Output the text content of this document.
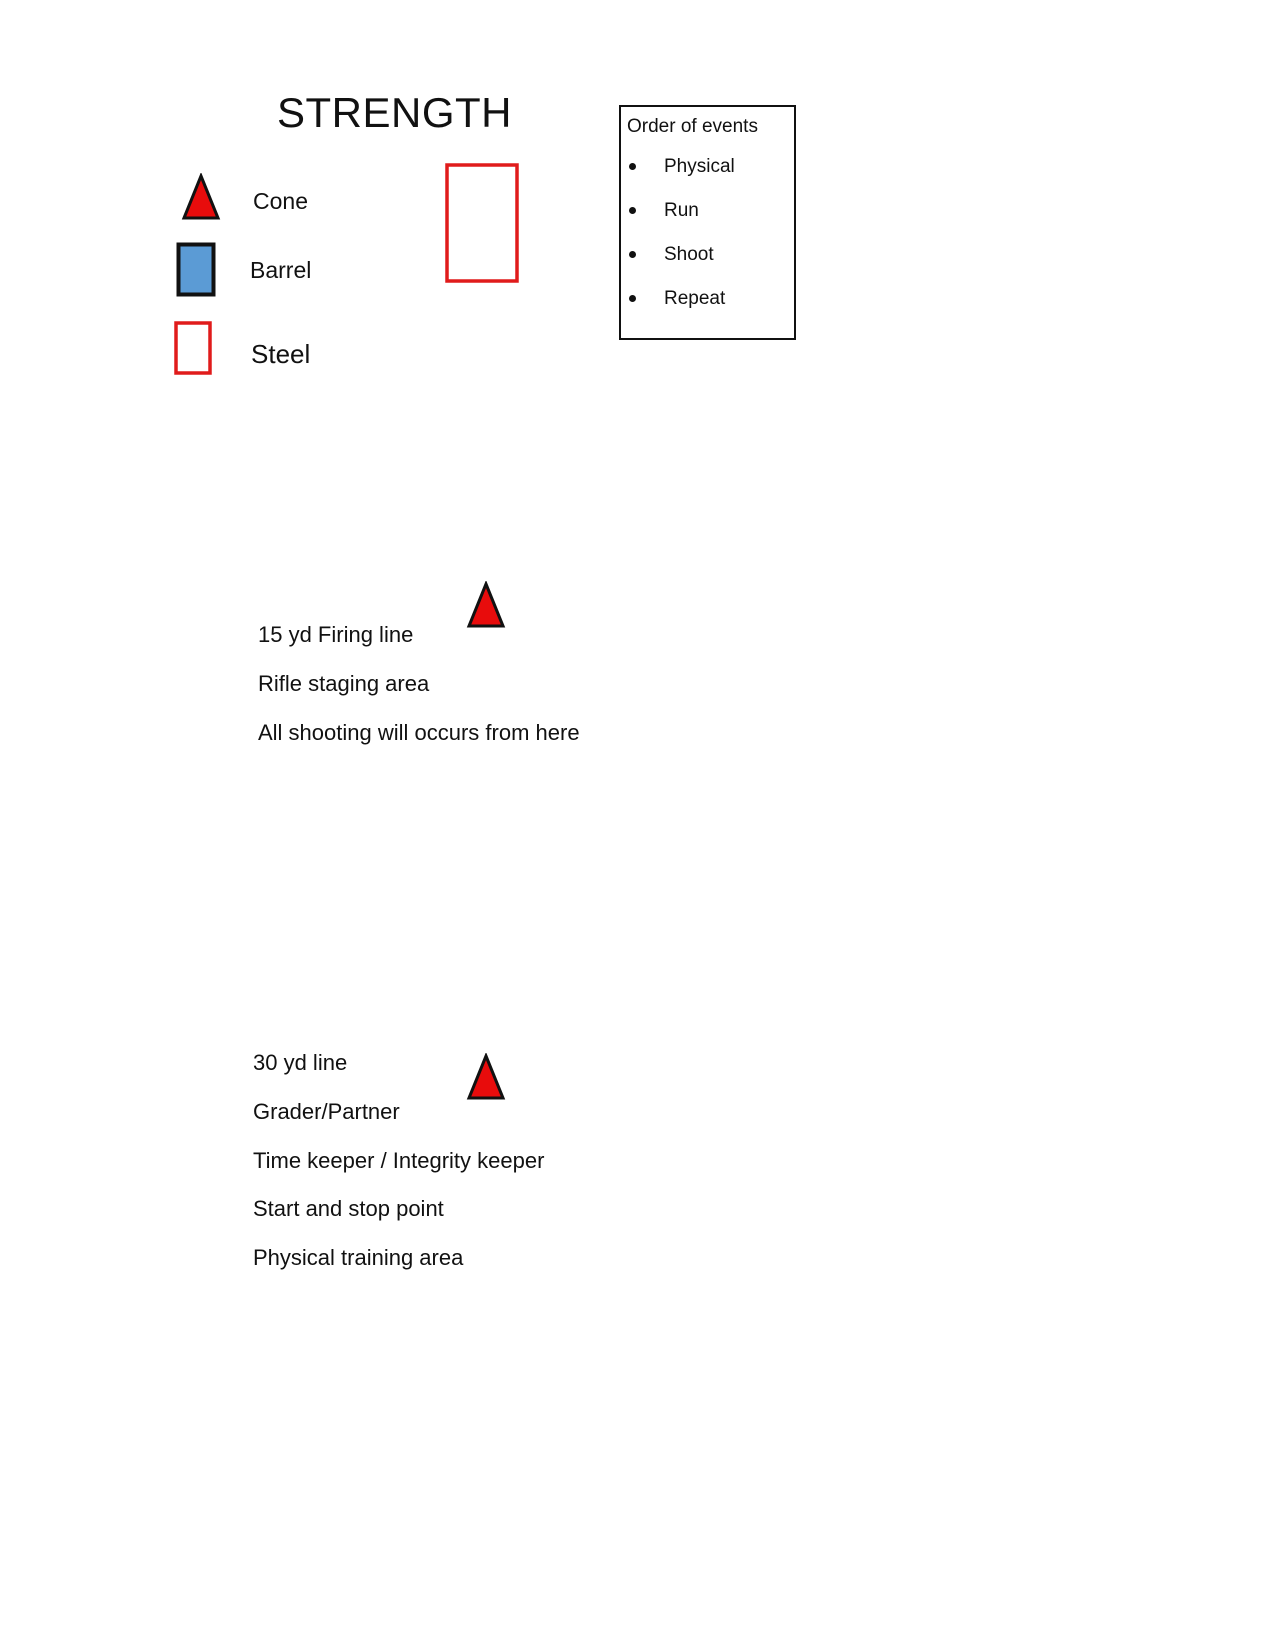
STRENGTH
Cone
Barrel
Steel
Order of events
Physical
Run
Shoot
Repeat
15 yd Firing line
Rifle staging area
All shooting will occurs from here
30 yd line
Grader/Partner
Time keeper / Integrity keeper
Start and stop point
Physical training area
